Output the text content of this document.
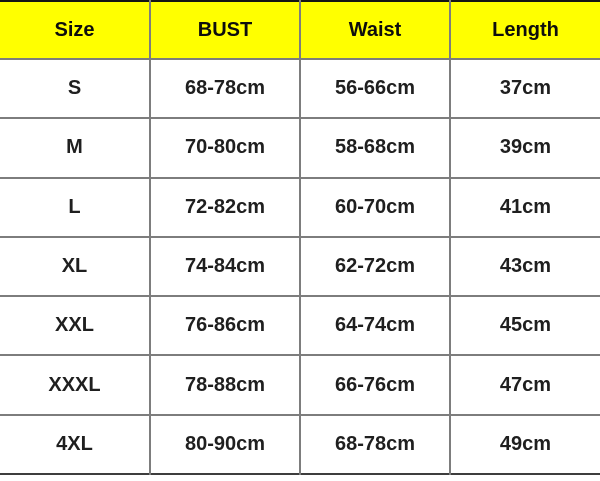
Size	BUST	Waist	Length
S	68-78cm	56-66cm	37cm
M	70-80cm	58-68cm	39cm
L	72-82cm	60-70cm	41cm
XL	74-84cm	62-72cm	43cm
XXL	76-86cm	64-74cm	45cm
XXXL	78-88cm	66-76cm	47cm
4XL	80-90cm	68-78cm	49cm
